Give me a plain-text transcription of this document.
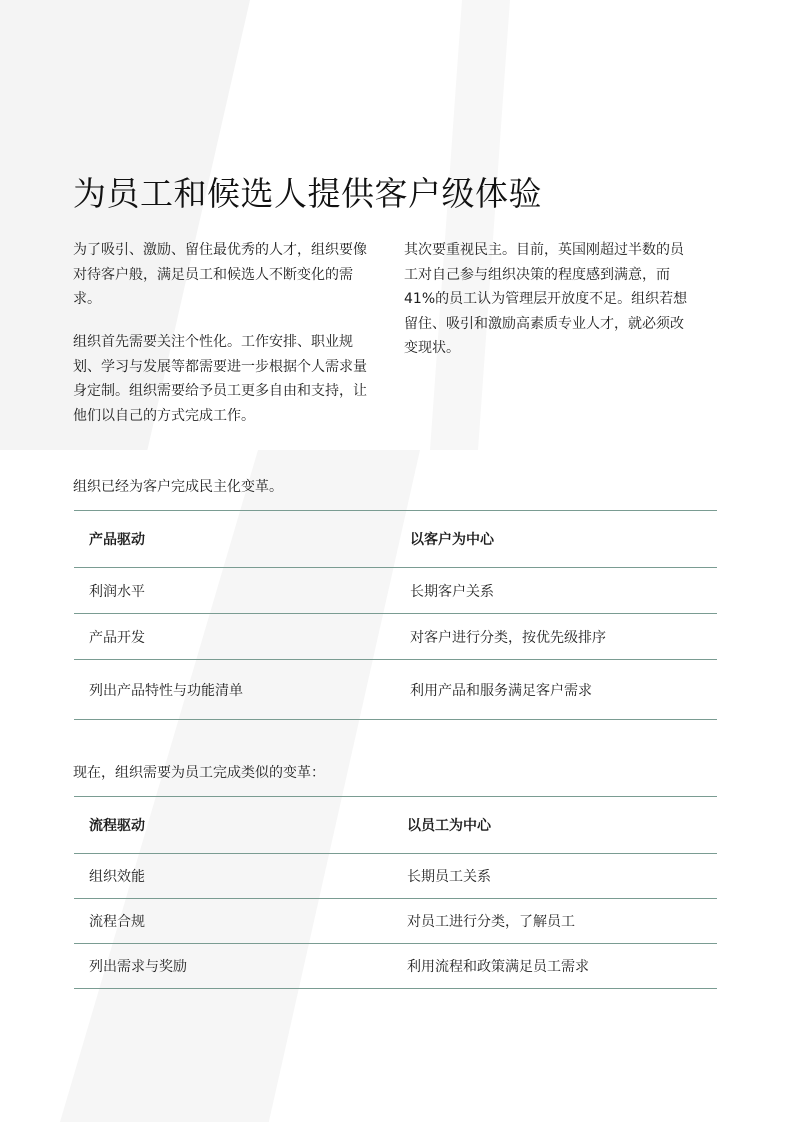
为员工和候选人提供客户级体验

为了吸引、激励、留住最优秀的人才，组织要像对待客户般，满足员工和候选人不断变化的需求。

组织首先需要关注个性化。工作安排、职业规划、学习与发展等都需要进一步根据个人需求量身定制。组织需要给予员工更多自由和支持，让他们以自己的方式完成工作。

其次要重视民主。目前，英国刚超过半数的员工对自己参与组织决策的程度感到满意，而41%的员工认为管理层开放度不足。组织若想留住、吸引和激励高素质专业人才，就必须改变现状。

组织已经为客户完成民主化变革。

产品驱动	以客户为中心
利润水平	长期客户关系
产品开发	对客户进行分类，按优先级排序
列出产品特性与功能清单	利用产品和服务满足客户需求

现在，组织需要为员工完成类似的变革：

流程驱动	以员工为中心
组织效能	长期员工关系
流程合规	对员工进行分类，了解员工
列出需求与奖励	利用流程和政策满足员工需求
